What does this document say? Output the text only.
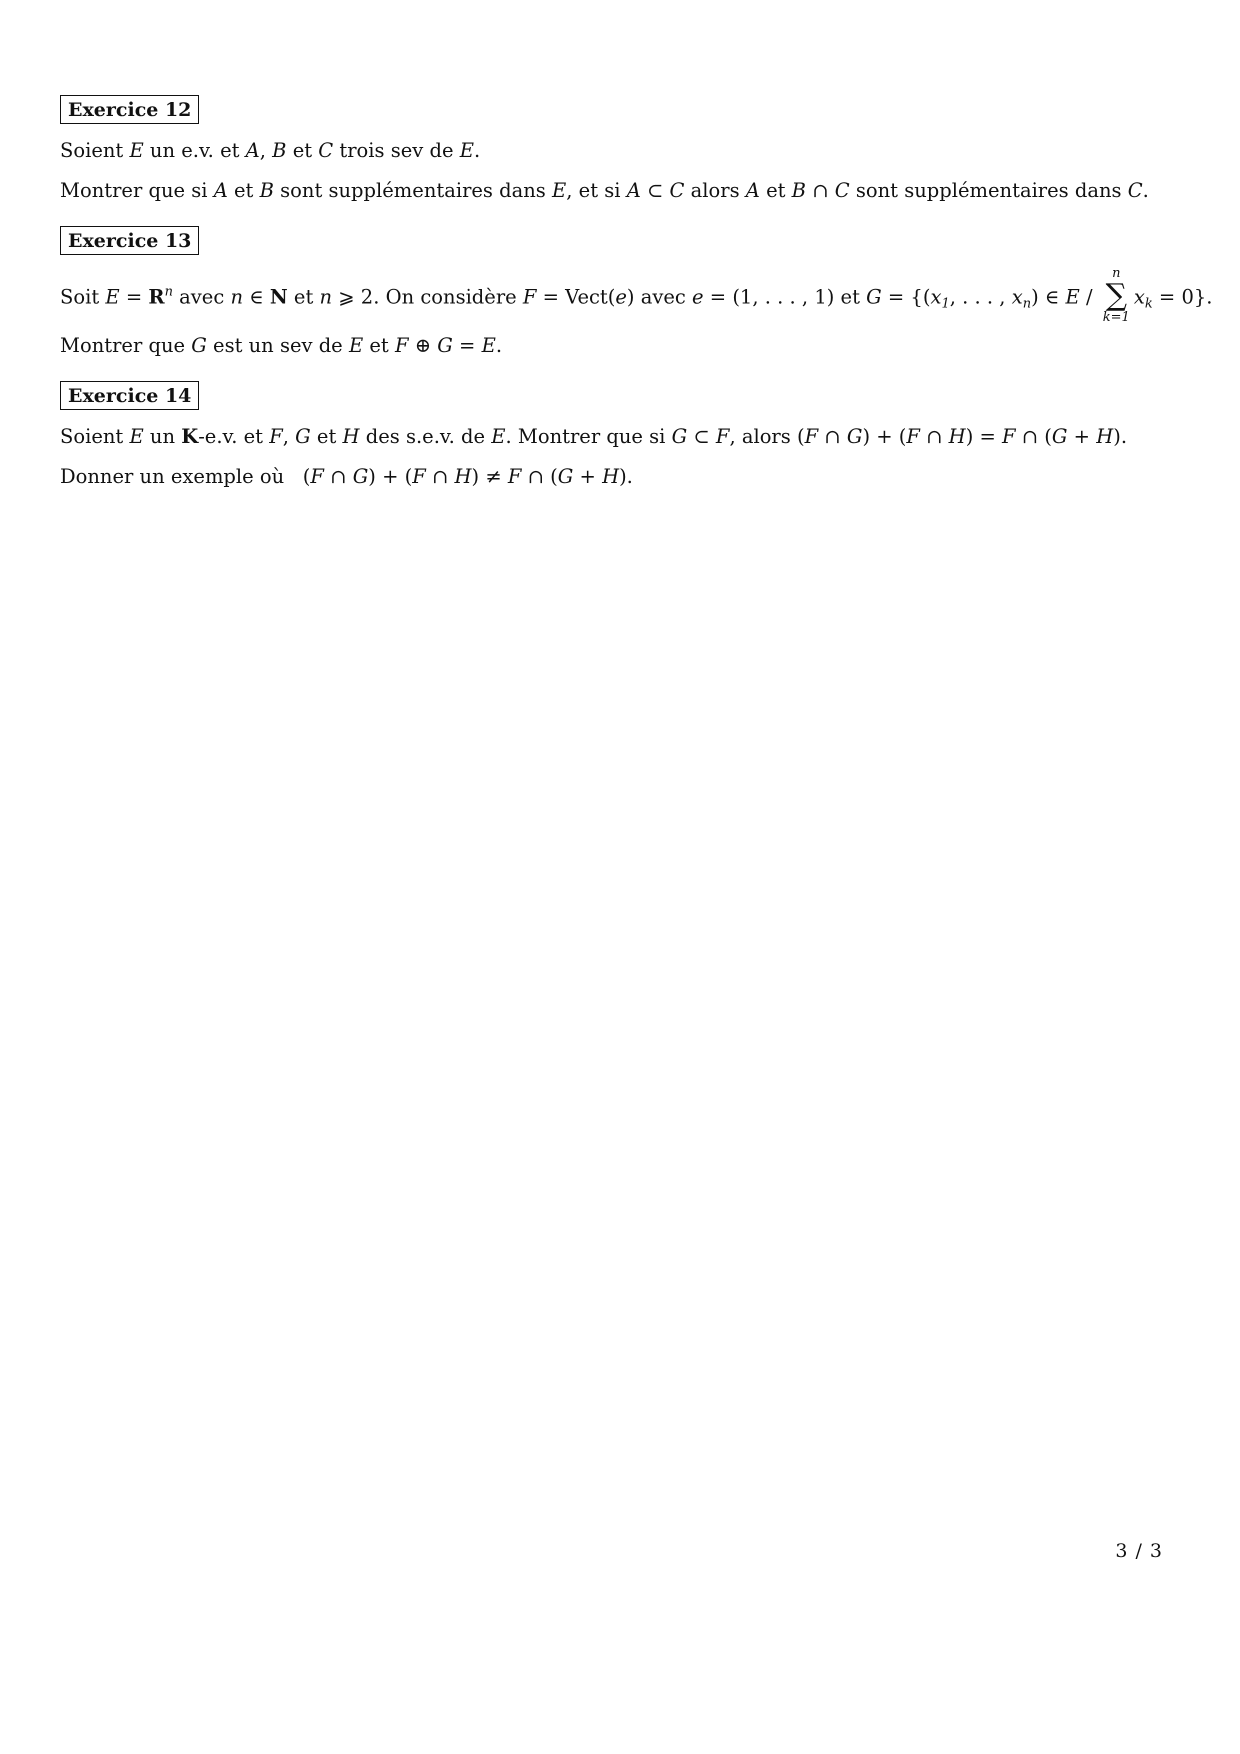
Exercice 12
Soient E un e.v. et A, B et C trois sev de E.
Montrer que si A et B sont supplémentaires dans E, et si A ⊂ C alors A et B ∩ C sont supplémentaires dans C.
Exercice 13
Soit $E = R^n$ avec n ∈ N et n ⩾ 2. On considère F = Vect(e) avec e = (1, . . . , 1) et $G = \{(x_1$, . . . , $x_n$) ∈ E /
n
∑
k=1
$x_k = 0$}.
Montrer que G est un sev de E et F ⊕ G = E.
Exercice 14
Soient E un K-e.v. et F, G et H des s.e.v. de E. Montrer que si G ⊂ F, alors (F ∩ G) + (F ∩ H) = F ∩ (G + H).
Donner un exemple où   (F ∩ G) + (F ∩ H) ≠ F ∩ (G + H).
3 / 3
